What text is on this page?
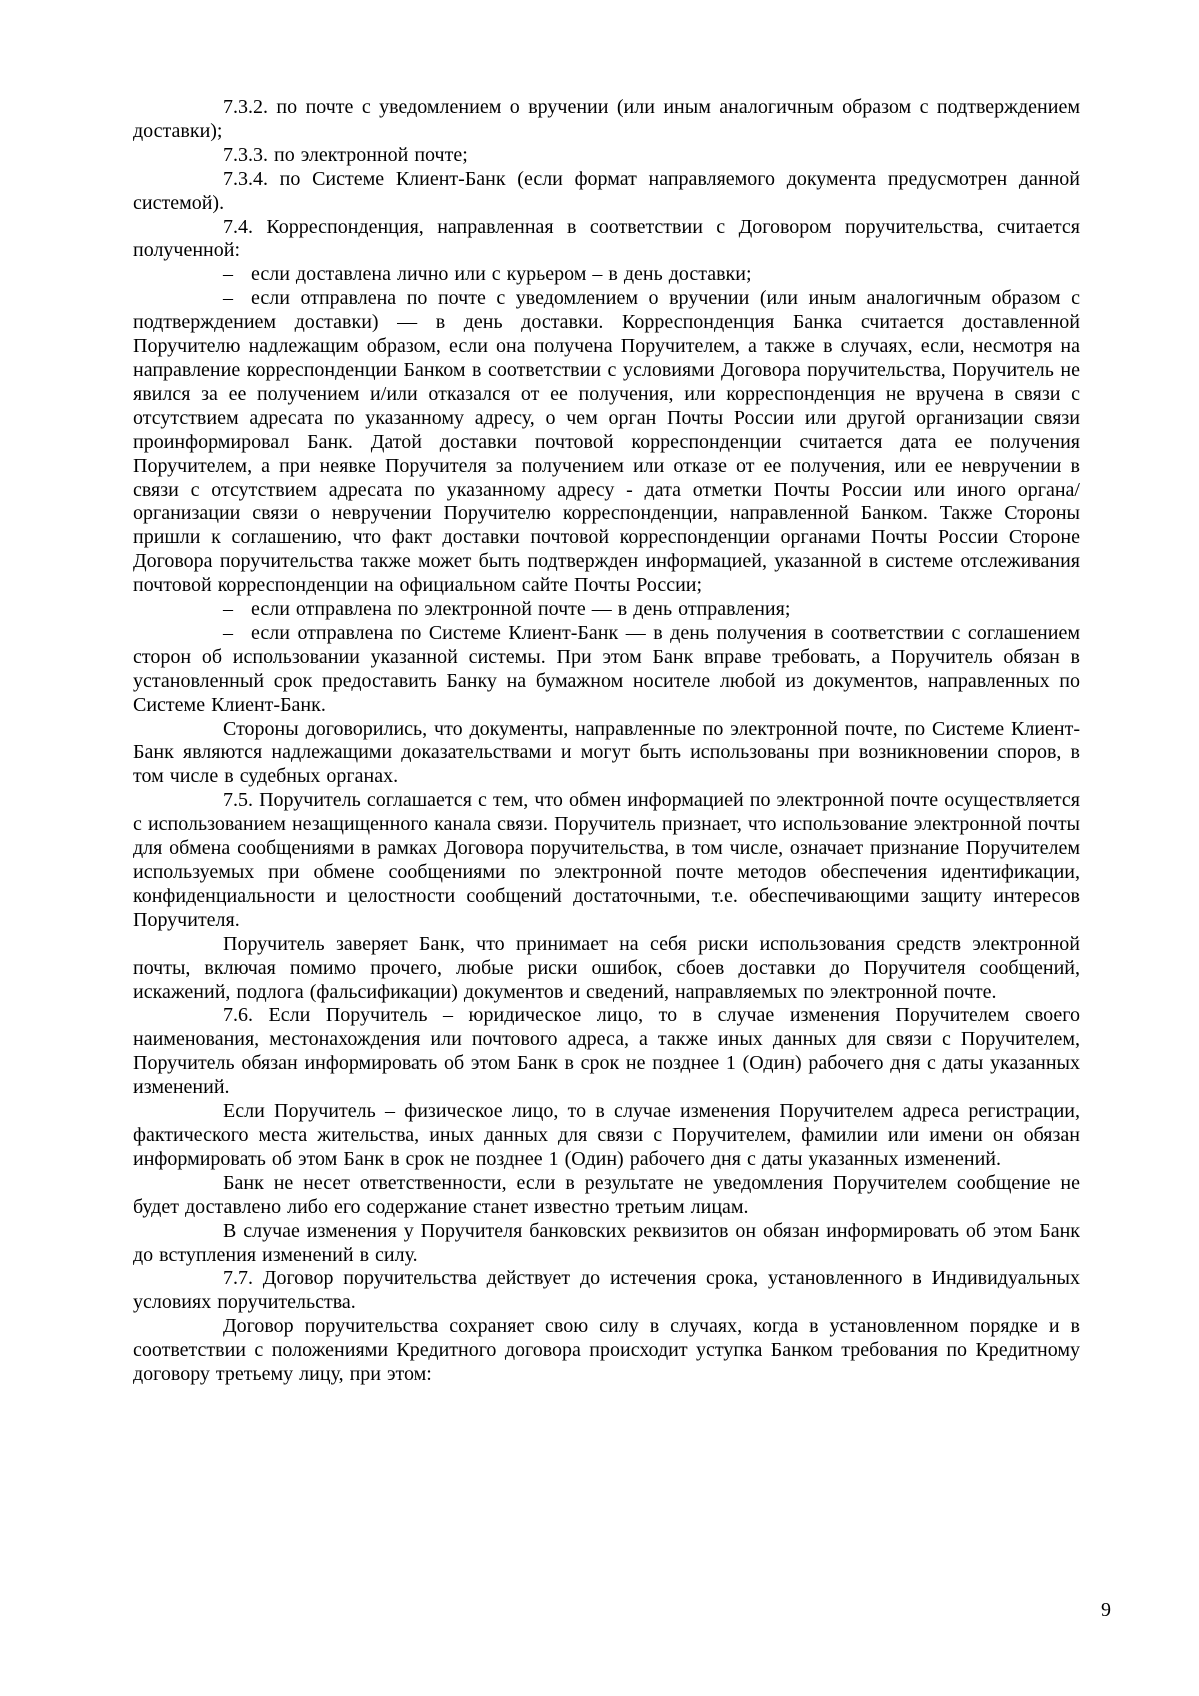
7.3.2. по почте с уведомлением о вручении (или иным аналогичным образом с подтверждением доставки);

7.3.3. по электронной почте;

7.3.4. по Системе Клиент-Банк (если формат направляемого документа предусмотрен данной системой).

7.4. Корреспонденция, направленная в соответствии с Договором поручительства, считается полученной:

– если доставлена лично или с курьером – в день доставки;

– если отправлена по почте с уведомлением о вручении (или иным аналогичным образом с подтверждением доставки) — в день доставки. Корреспонденция Банка считается доставленной Поручителю надлежащим образом, если она получена Поручителем, а также в случаях, если, несмотря на направление корреспонденции Банком в соответствии с условиями Договора поручительства, Поручитель не явился за ее получением и/или отказался от ее получения, или корреспонденция не вручена в связи с отсутствием адресата по указанному адресу, о чем орган Почты России или другой организации связи проинформировал Банк. Датой доставки почтовой корреспонденции считается дата ее получения Поручителем, а при неявке Поручителя за получением или отказе от ее получения, или ее невручении в связи с отсутствием адресата по указанному адресу - дата отметки Почты России или иного органа/организации связи о невручении Поручителю корреспонденции, направленной Банком. Также Стороны пришли к соглашению, что факт доставки почтовой корреспонденции органами Почты России Стороне Договора поручительства также может быть подтвержден информацией, указанной в системе отслеживания почтовой корреспонденции на официальном сайте Почты России;

– если отправлена по электронной почте — в день отправления;

– если отправлена по Системе Клиент-Банк — в день получения в соответствии с соглашением сторон об использовании указанной системы. При этом Банк вправе требовать, а Поручитель обязан в установленный срок предоставить Банку на бумажном носителе любой из документов, направленных по Системе Клиент-Банк.

Стороны договорились, что документы, направленные по электронной почте, по Системе Клиент-Банк являются надлежащими доказательствами и могут быть использованы при возникновении споров, в том числе в судебных органах.

7.5. Поручитель соглашается с тем, что обмен информацией по электронной почте осуществляется с использованием незащищенного канала связи. Поручитель признает, что использование электронной почты для обмена сообщениями в рамках Договора поручительства, в том числе, означает признание Поручителем используемых при обмене сообщениями по электронной почте методов обеспечения идентификации, конфиденциальности и целостности сообщений достаточными, т.е. обеспечивающими защиту интересов Поручителя.

Поручитель заверяет Банк, что принимает на себя риски использования средств электронной почты, включая помимо прочего, любые риски ошибок, сбоев доставки до Поручителя сообщений, искажений, подлога (фальсификации) документов и сведений, направляемых по электронной почте.

7.6. Если Поручитель – юридическое лицо, то в случае изменения Поручителем своего наименования, местонахождения или почтового адреса, а также иных данных для связи с Поручителем, Поручитель обязан информировать об этом Банк в срок не позднее 1 (Один) рабочего дня с даты указанных изменений.

Если Поручитель – физическое лицо, то в случае изменения Поручителем адреса регистрации, фактического места жительства, иных данных для связи с Поручителем, фамилии или имени он обязан информировать об этом Банк в срок не позднее 1 (Один) рабочего дня с даты указанных изменений.

Банк не несет ответственности, если в результате не уведомления Поручителем сообщение не будет доставлено либо его содержание станет известно третьим лицам.

В случае изменения у Поручителя банковских реквизитов он обязан информировать об этом Банк до вступления изменений в силу.

7.7. Договор поручительства действует до истечения срока, установленного в Индивидуальных условиях поручительства.

Договор поручительства сохраняет свою силу в случаях, когда в установленном порядке и в соответствии с положениями Кредитного договора происходит уступка Банком требования по Кредитному договору третьему лицу, при этом:

9
